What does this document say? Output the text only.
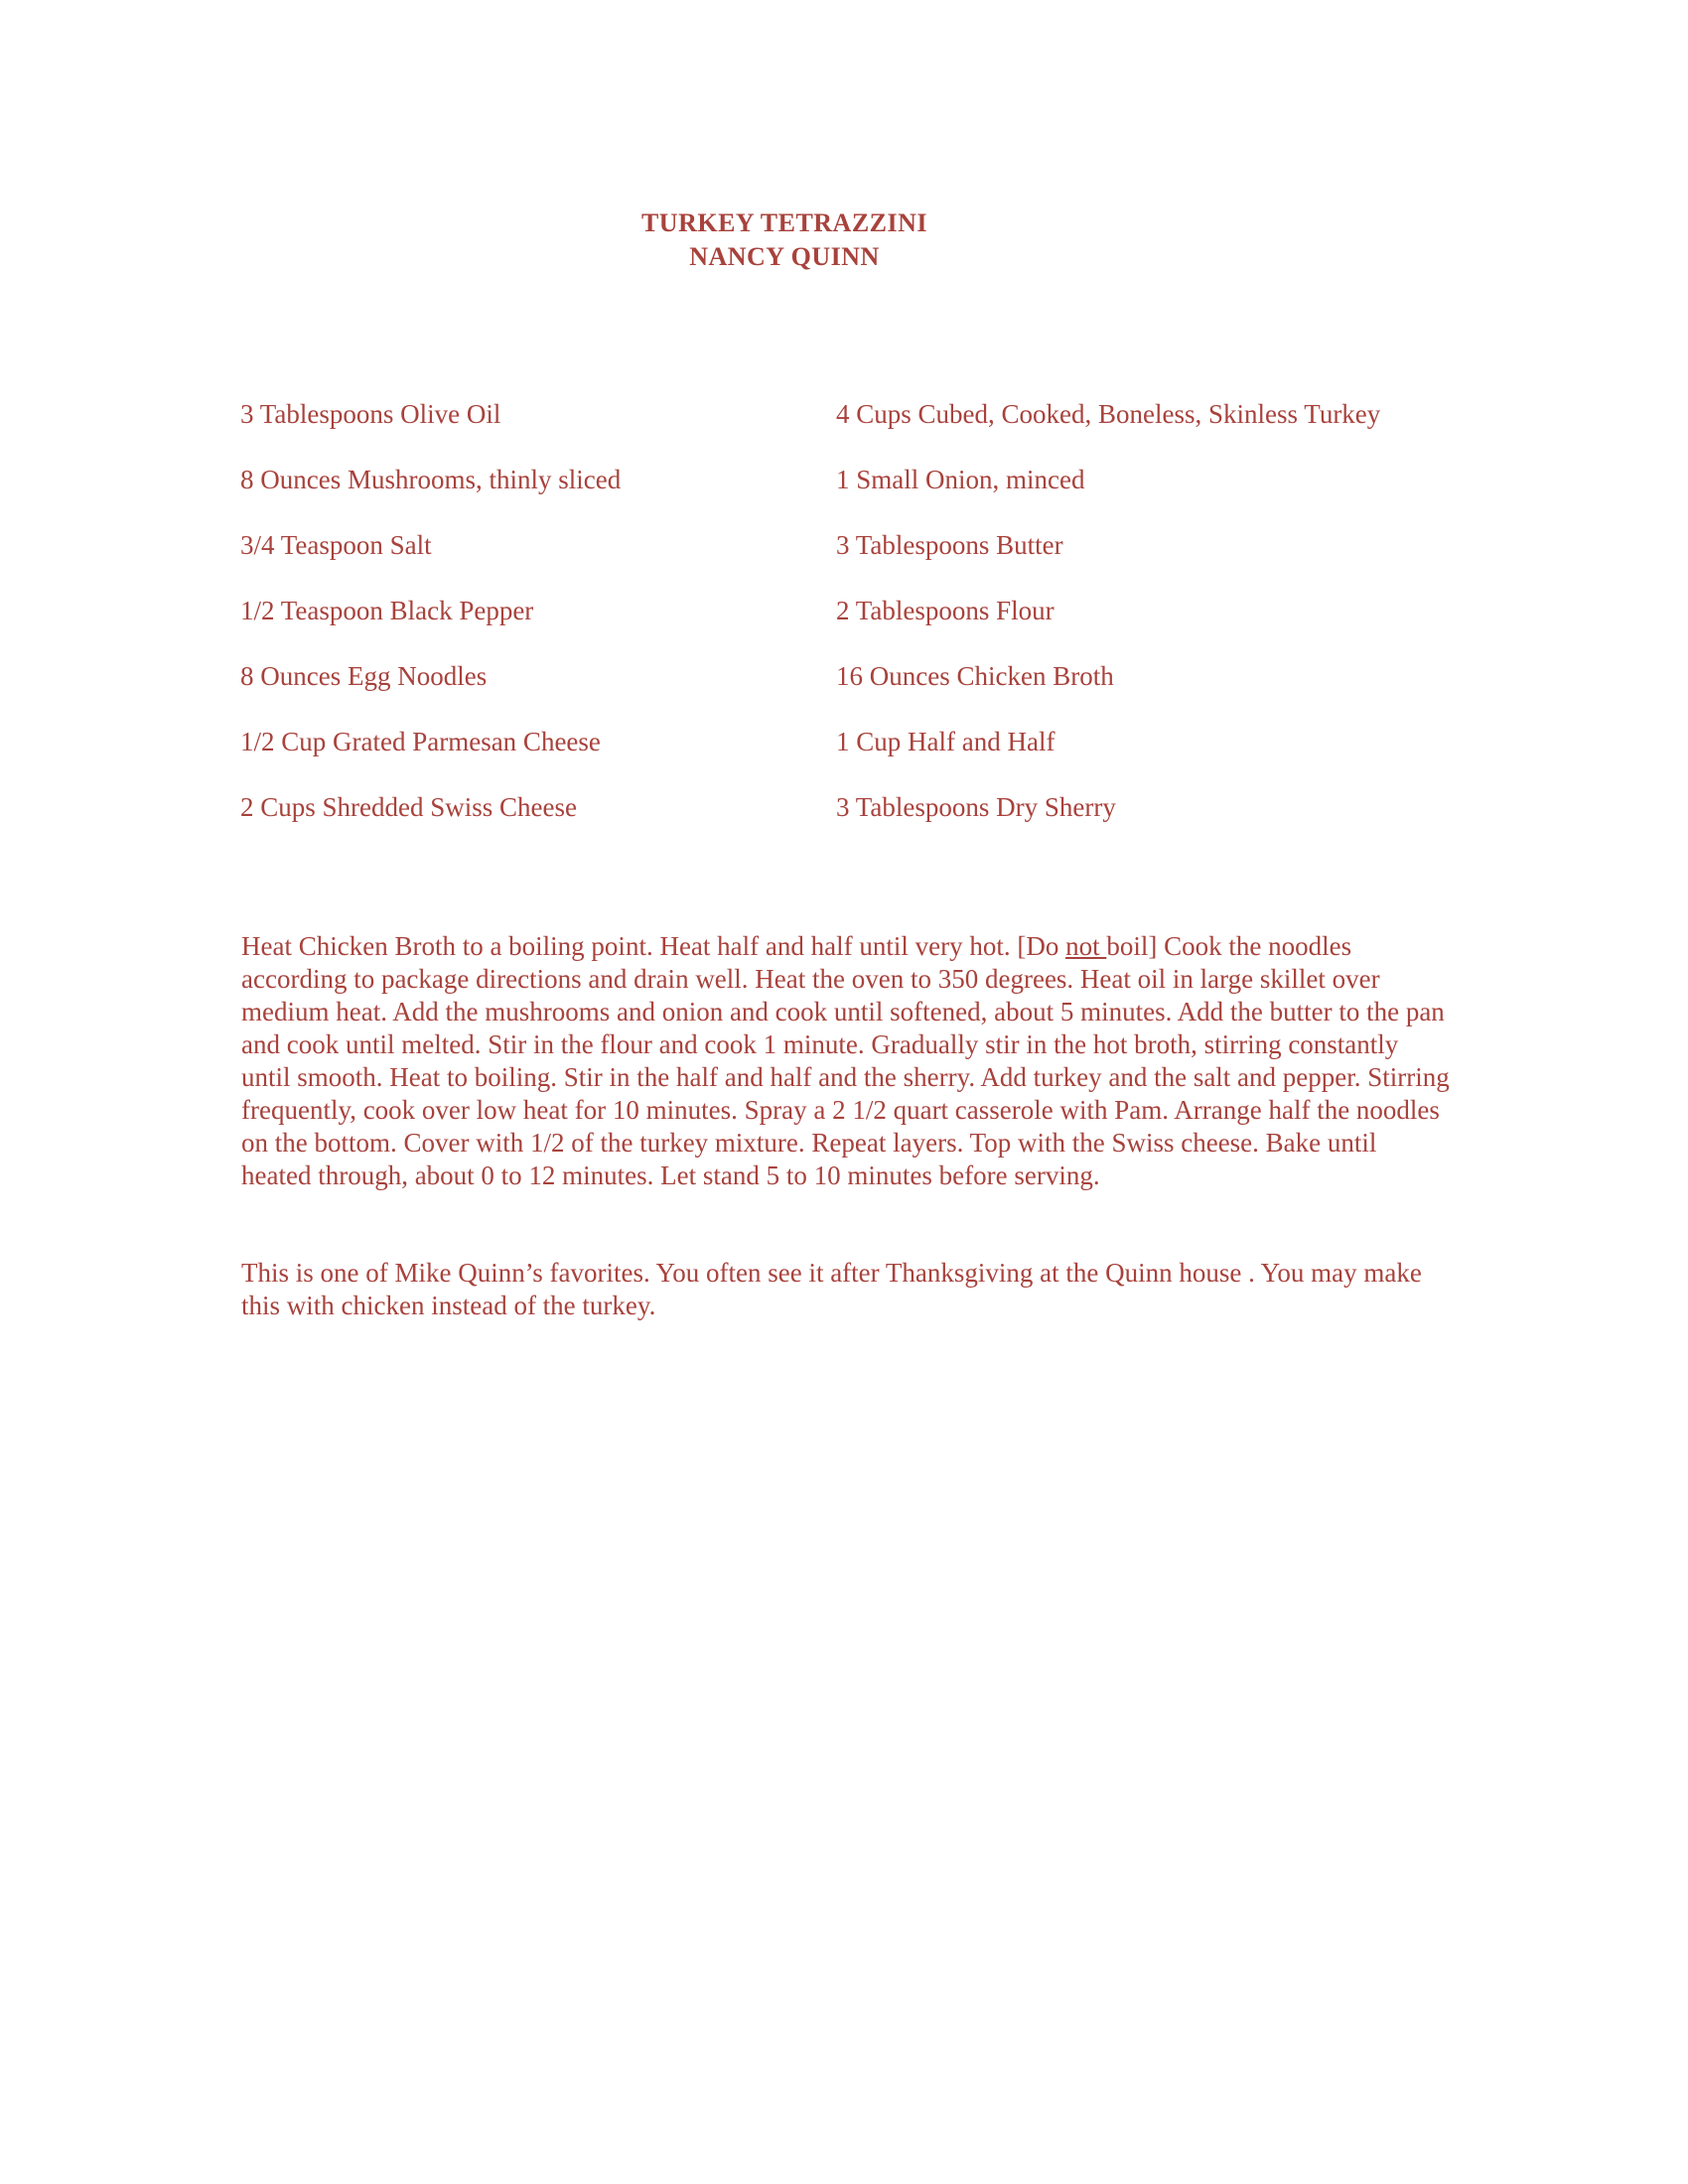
TURKEY TETRAZZINI
NANCY QUINN
3 Tablespoons Olive Oil
8 Ounces Mushrooms, thinly sliced
3/4 Teaspoon Salt
1/2 Teaspoon Black Pepper
8 Ounces Egg Noodles
1/2 Cup Grated Parmesan Cheese
2 Cups Shredded Swiss Cheese
4 Cups Cubed, Cooked, Boneless, Skinless Turkey
1 Small Onion, minced
3 Tablespoons Butter
2 Tablespoons Flour
16 Ounces Chicken Broth
1 Cup Half and Half
3 Tablespoons Dry Sherry

Heat Chicken Broth to a boiling point. Heat half and half until very hot. [Do not boil] Cook the noodles according to package directions and drain well. Heat the oven to 350 degrees. Heat oil in large skillet over medium heat. Add the mushrooms and onion and cook until softened, about 5 minutes. Add the butter to the pan and cook until melted. Stir in the flour and cook 1 minute. Gradually stir in the hot broth, stirring constantly until smooth. Heat to boiling. Stir in the half and half and the sherry. Add turkey and the salt and pepper. Stirring frequently, cook over low heat for 10 minutes. Spray a 2 1/2 quart casserole with Pam. Arrange half the noodles on the bottom. Cover with 1/2 of the turkey mixture. Repeat layers. Top with the Swiss cheese. Bake until heated through, about 0 to 12 minutes. Let stand 5 to 10 minutes before serving.

This is one of Mike Quinn’s favorites. You often see it after Thanksgiving at the Quinn house . You may make this with chicken instead of the turkey.
